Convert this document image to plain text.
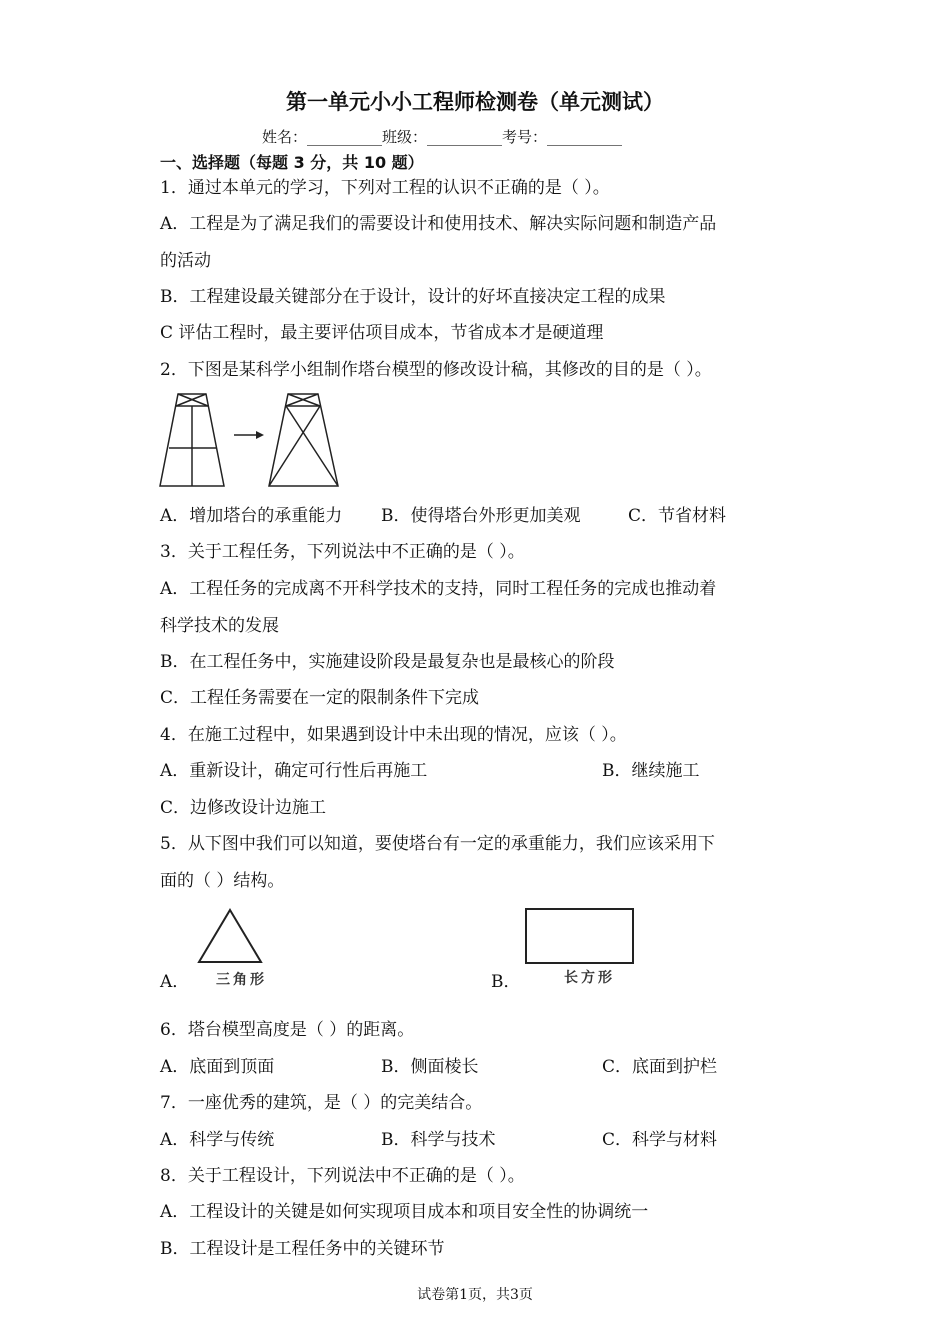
第一单元小小工程师检测卷（单元测试）
姓名：__________班级：__________考号：__________
一、选择题（每题 3 分，共 10 题）
1．通过本单元的学习，下列对工程的认识不正确的是（ ）。
A．工程是为了满足我们的需要设计和使用技术、解决实际问题和制造产品
的活动
B．工程建设最关键部分在于设计，设计的好坏直接决定工程的成果
C 评估工程时，最主要评估项目成本，节省成本才是硬道理
2．下图是某科学小组制作塔台模型的修改设计稿，其修改的目的是（ ）。
A．增加塔台的承重能力 B．使得塔台外形更加美观	C．节省材料
3．关于工程任务，下列说法中不正确的是（ ）。
A．工程任务的完成离不开科学技术的支持，同时工程任务的完成也推动着
科学技术的发展
B．在工程任务中，实施建设阶段是最复杂也是最核心的阶段
C．工程任务需要在一定的限制条件下完成
4．在施工过程中，如果遇到设计中未出现的情况，应该（ ）。
A．重新设计，确定可行性后再施工	B．继续施工
C．边修改设计边施工
5．从下图中我们可以知道，要使塔台有一定的承重能力，我们应该采用下
面的（ ）结构。
A． 三角形	B．	长方形
6．塔台模型高度是（ ）的距离。
A．底面到顶面	B．侧面棱长	C．底面到护栏
7．一座优秀的建筑，是（ ）的完美结合。
A．科学与传统	B．科学与技术	C．科学与材料
8．关于工程设计，下列说法中不正确的是（ ）。
A．工程设计的关键是如何实现项目成本和项目安全性的协调统一
B．工程设计是工程任务中的关键环节
试卷第1页，共3页
